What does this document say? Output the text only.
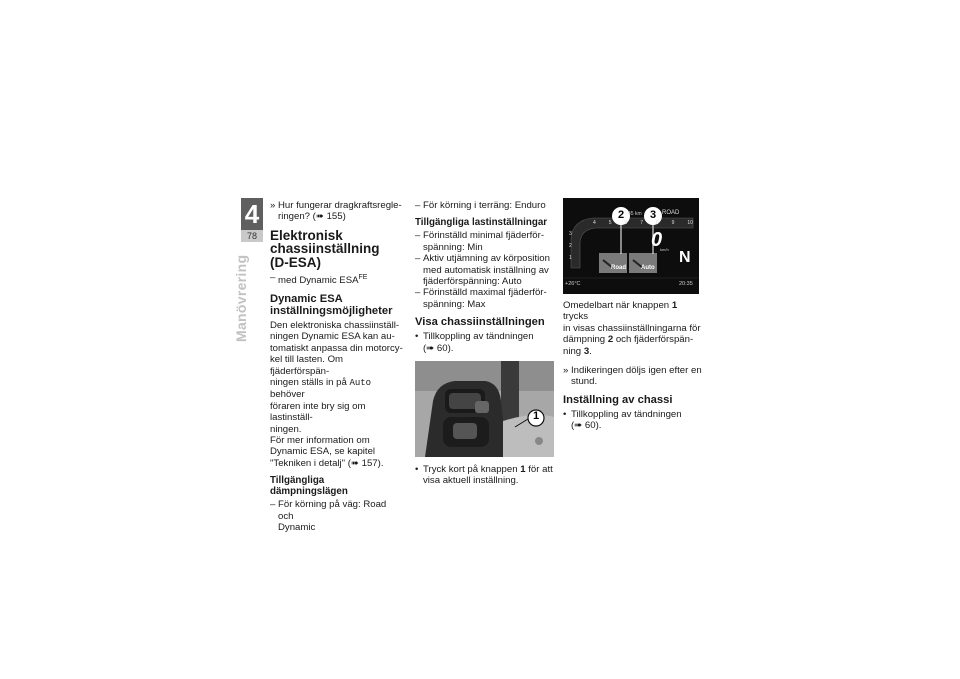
4
78
Manövrering
» Hur fungerar dragkraftsregle-
ringen? (➠ 155)
Elektronisk
chassiinställning
(D-ESA)
– med Dynamic $ESA^{FE}$
Dynamic ESA
inställningsmöjligheter

Den elektroniska chassiinställ-
ningen Dynamic ESA kan au-
tomatiskt anpassa din motorcy-
kel till lasten. Om fjäderförspän-
ningen ställs in på Auto behöver
föraren inte bry sig om lastinställ-
ningen.

För mer information om
Dynamic ESA, se kapitel
"Tekniken i detalj" (➠ 157).

Tillgängliga dämpningslägen
– För körning på väg: Road och
Dynamic
– För körning i terräng: Enduro
Tillgängliga lastinställningar
– Förinställd minimal fjäderför-
spänning: Min
– Aktiv utjämning av körposition
med automatisk inställning av
fjäderförspänning: Auto
– Förinställd maximal fjäderför-
spänning: Max
Visa chassiinställningen
• Tillkoppling av tändningen
(➠ 60).
1
• Tryck kort på knappen 1 för att
visa aktuell inställning.
N
0
2 3 ROAD
45 km
km/h
Road	Auto
+26°C	20:35
4	5	6	7	8	9	10
3
2
1

Omedelbart när knappen 1 trycks
in visas chassiinställningarna för
dämpning 2 och fjäderförspän-
ning 3.

» Indikeringen döljs igen efter en
stund.
Inställning av chassi
• Tillkoppling av tändningen
(➠ 60).
